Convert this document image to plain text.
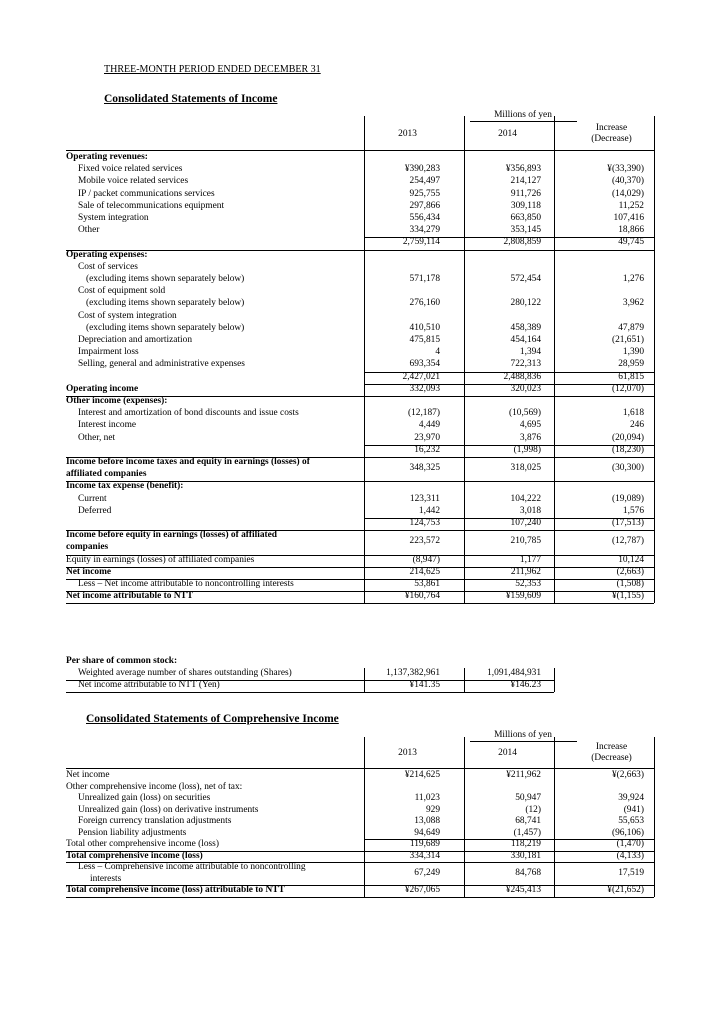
THREE-MONTH PERIOD ENDED DECEMBER 31
Consolidated Statements of Income
Millions of yen
2013	2014
Increase
(Decrease)
Operating revenues:
Fixed voice related services	¥390,283	¥356,893	¥(33,390)
Mobile voice related services	254,497	214,127	(40,370)
IP / packet communications services	925,755	911,726	(14,029)
Sale of telecommunications equipment	297,866	309,118	11,252
System integration	556,434	663,850	107,416
Other	334,279	353,145	18,866
2,759,114	2,808,859	49,745
Operating expenses:
Cost of services
(excluding items shown separately below)	571,178	572,454	1,276
Cost of equipment sold
(excluding items shown separately below)	276,160	280,122	3,962
Cost of system integration
(excluding items shown separately below)	410,510	458,389	47,879
Depreciation and amortization	475,815	454,164	(21,651)
Impairment loss	4	1,394	1,390
Selling, general and administrative expenses	693,354	722,313	28,959
2,427,021	2,488,836	61,815
Operating income	332,093	320,023	(12,070)
Other income (expenses):
Interest and amortization of bond discounts and issue costs	(12,187)	(10,569)	1,618
Interest income	4,449	4,695	246
Other, net	23,970	3,876	(20,094)
16,232	(1,998)	(18,230)
Income before income taxes and equity in earnings (losses) of
affiliated companies
348,325	318,025	(30,300)
Income tax expense (benefit):
Current	123,311	104,222	(19,089)
Deferred	1,442	3,018	1,576
124,753	107,240	(17,513)
Income before equity in earnings (losses) of affiliated
companies
223,572	210,785	(12,787)
Equity in earnings (losses) of affiliated companies	(8,947)	1,177	10,124
Net income	214,625	211,962	(2,663)
Less – Net income attributable to noncontrolling interests	53,861	52,353	(1,508)
Net income attributable to NTT	¥160,764	¥159,609	¥(1,155)
Per share of common stock:
Weighted average number of shares outstanding (Shares)	1,137,382,961	1,091,484,931
Net income attributable to NTT (Yen)	¥141.35	¥146.23
Consolidated Statements of Comprehensive Income
Millions of yen
2013	2014
Increase
(Decrease)
Net income	¥214,625	¥211,962	¥(2,663)
Other comprehensive income (loss), net of tax:
Unrealized gain (loss) on securities	11,023	50,947	39,924
Unrealized gain (loss) on derivative instruments	929	(12)	(941)
Foreign currency translation adjustments	13,088	68,741	55,653
Pension liability adjustments	94,649	(1,457)	(96,106)
Total other comprehensive income (loss)	119,689	118,219	(1,470)
Total comprehensive income (loss)	334,314	330,181	(4,133)
Less – Comprehensive income attributable to noncontrolling
interests
67,249	84,768	17,519
Total comprehensive income (loss) attributable to NTT	¥267,065	¥245,413	¥(21,652)
